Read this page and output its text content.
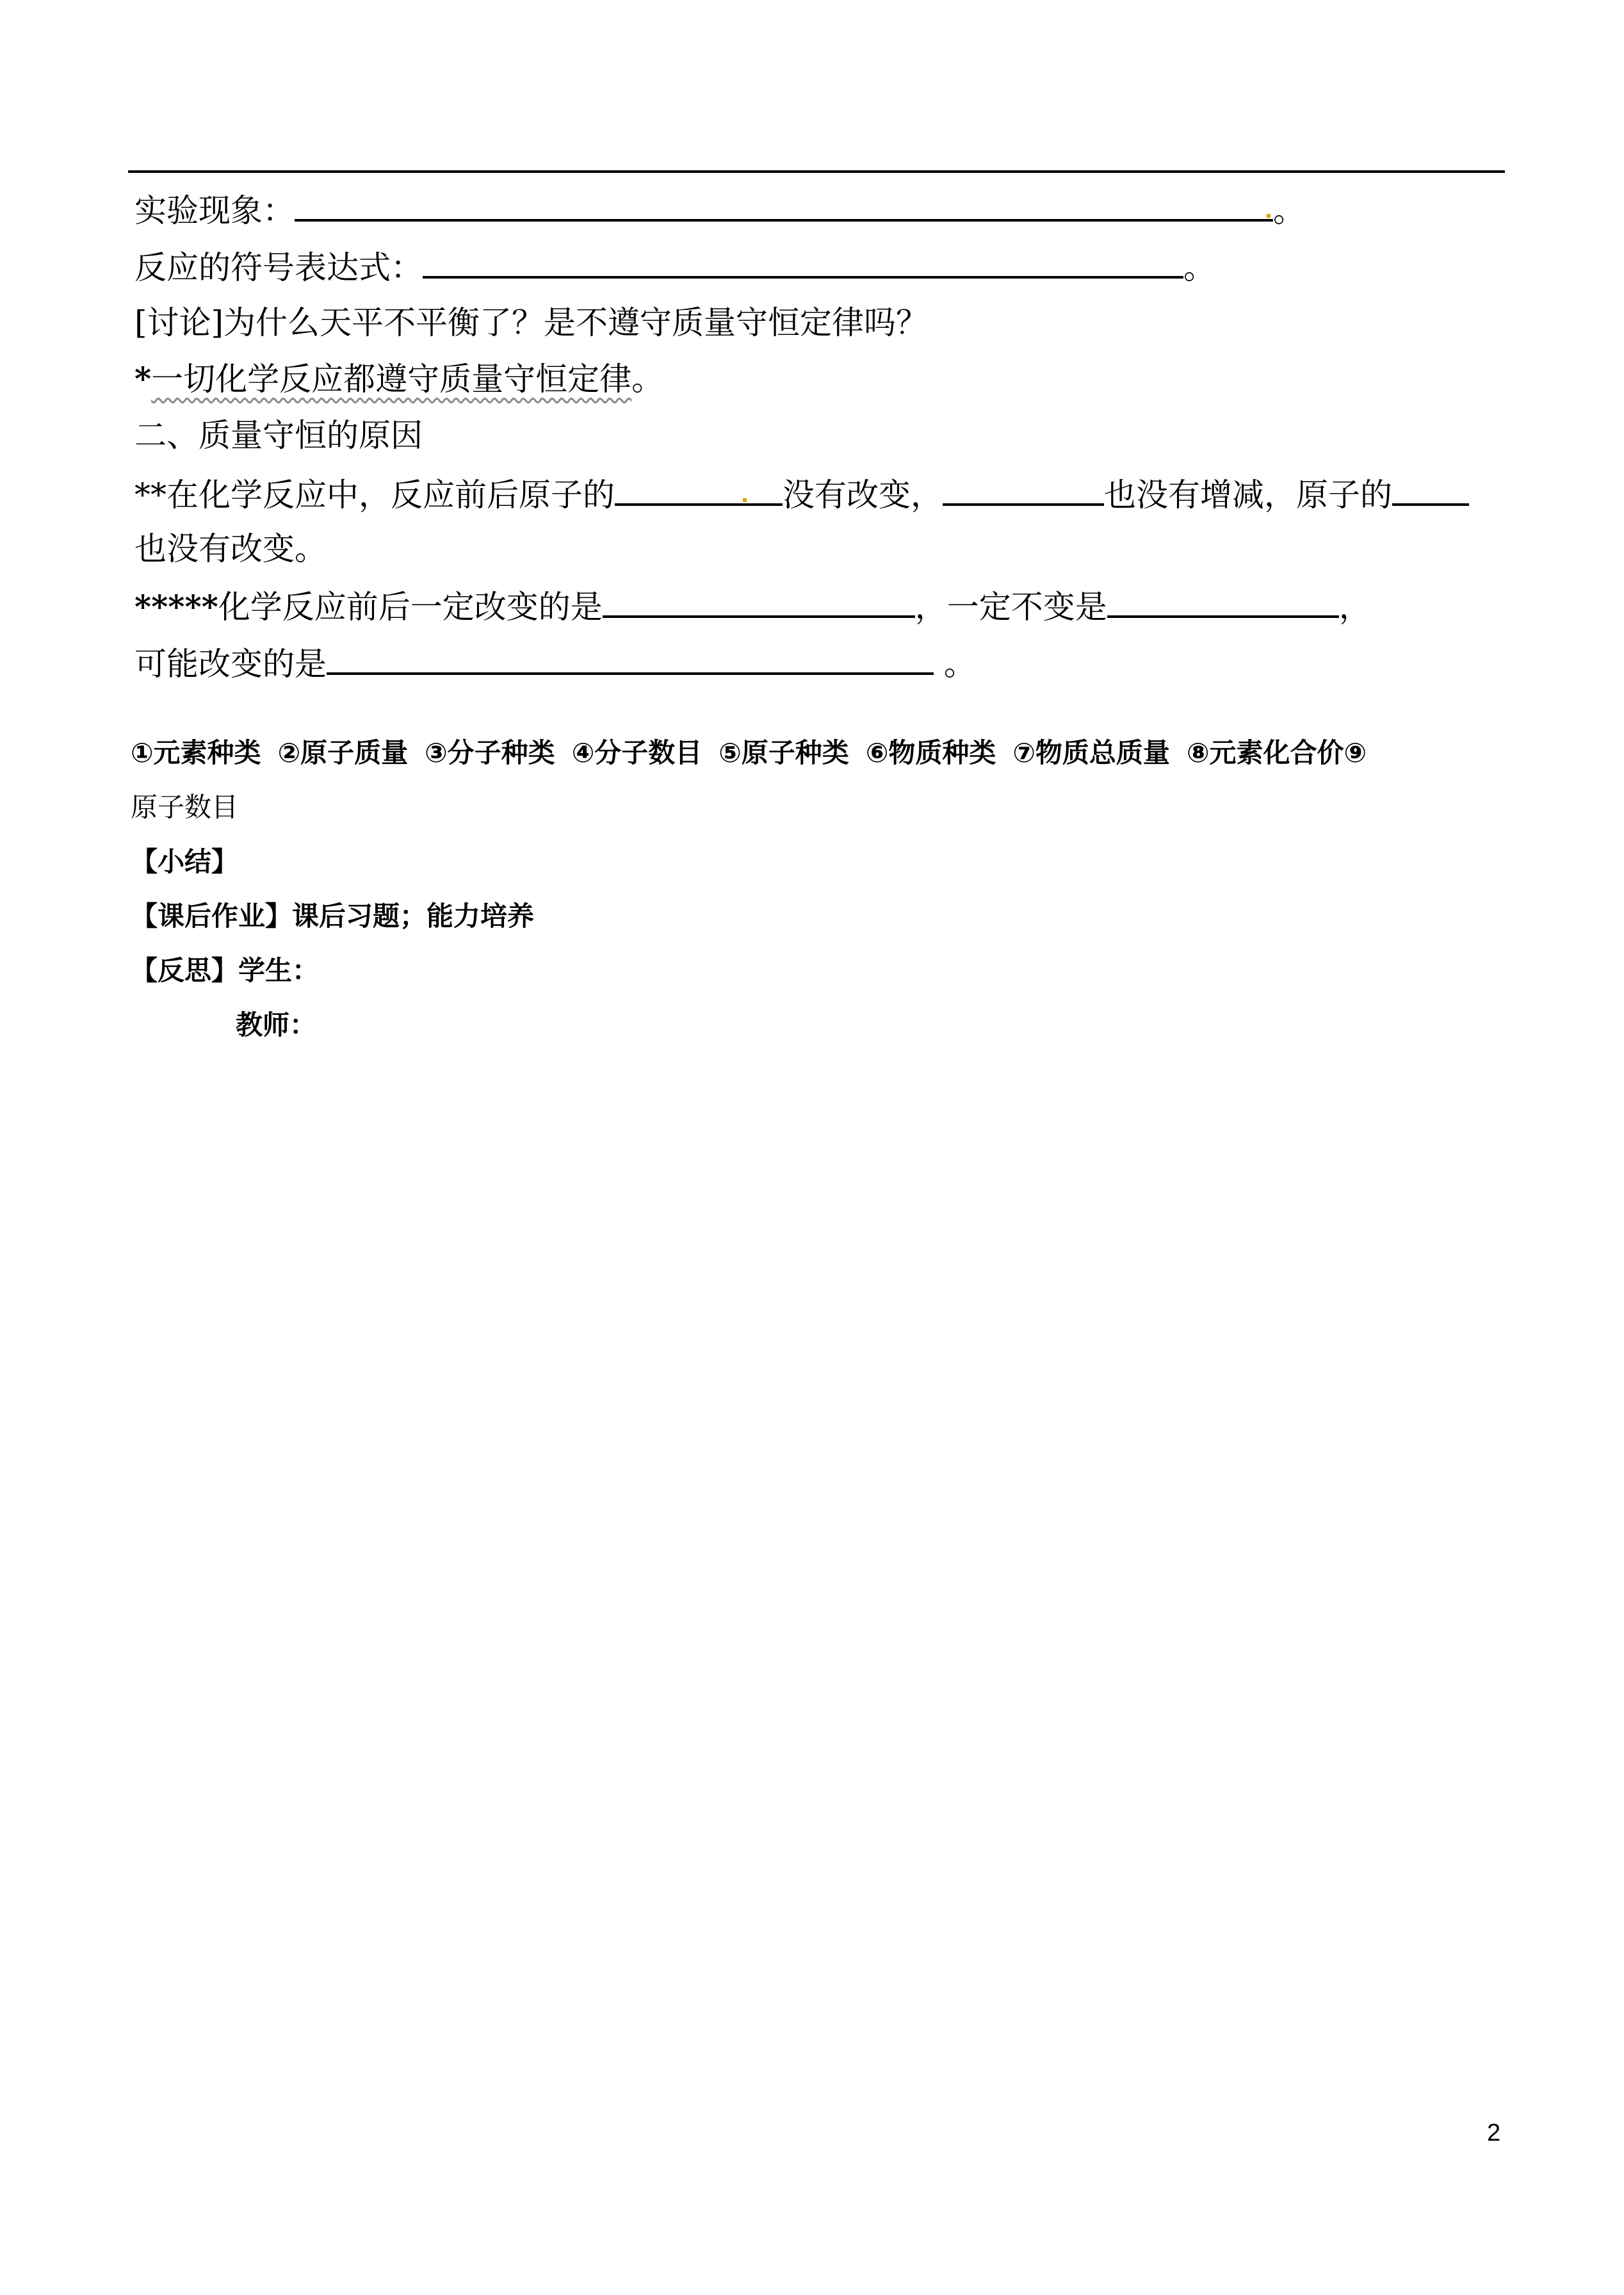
实验现象：	。
反应的符号表达式：	。
[讨论]为什么天平不平衡了？是不遵守质量守恒定律吗？
*一切化学反应都遵守质量守恒定律。
二、质量守恒的原因
**在化学反应中，反应前后原子的	没有改变，	也没有增减，原子的
也没有改变。
*****化学反应前后一定改变的是	，一定不变是	，
可能改变的是	。
①元素种类 ②原子质量 ③分子种类 ④分子数目 ⑤原子种类 ⑥物质种类 ⑦物质总质量 ⑧元素化合价⑨
原子数目
【小结】
【课后作业】课后习题；能力培养
【反思】学生：
教师：
2
